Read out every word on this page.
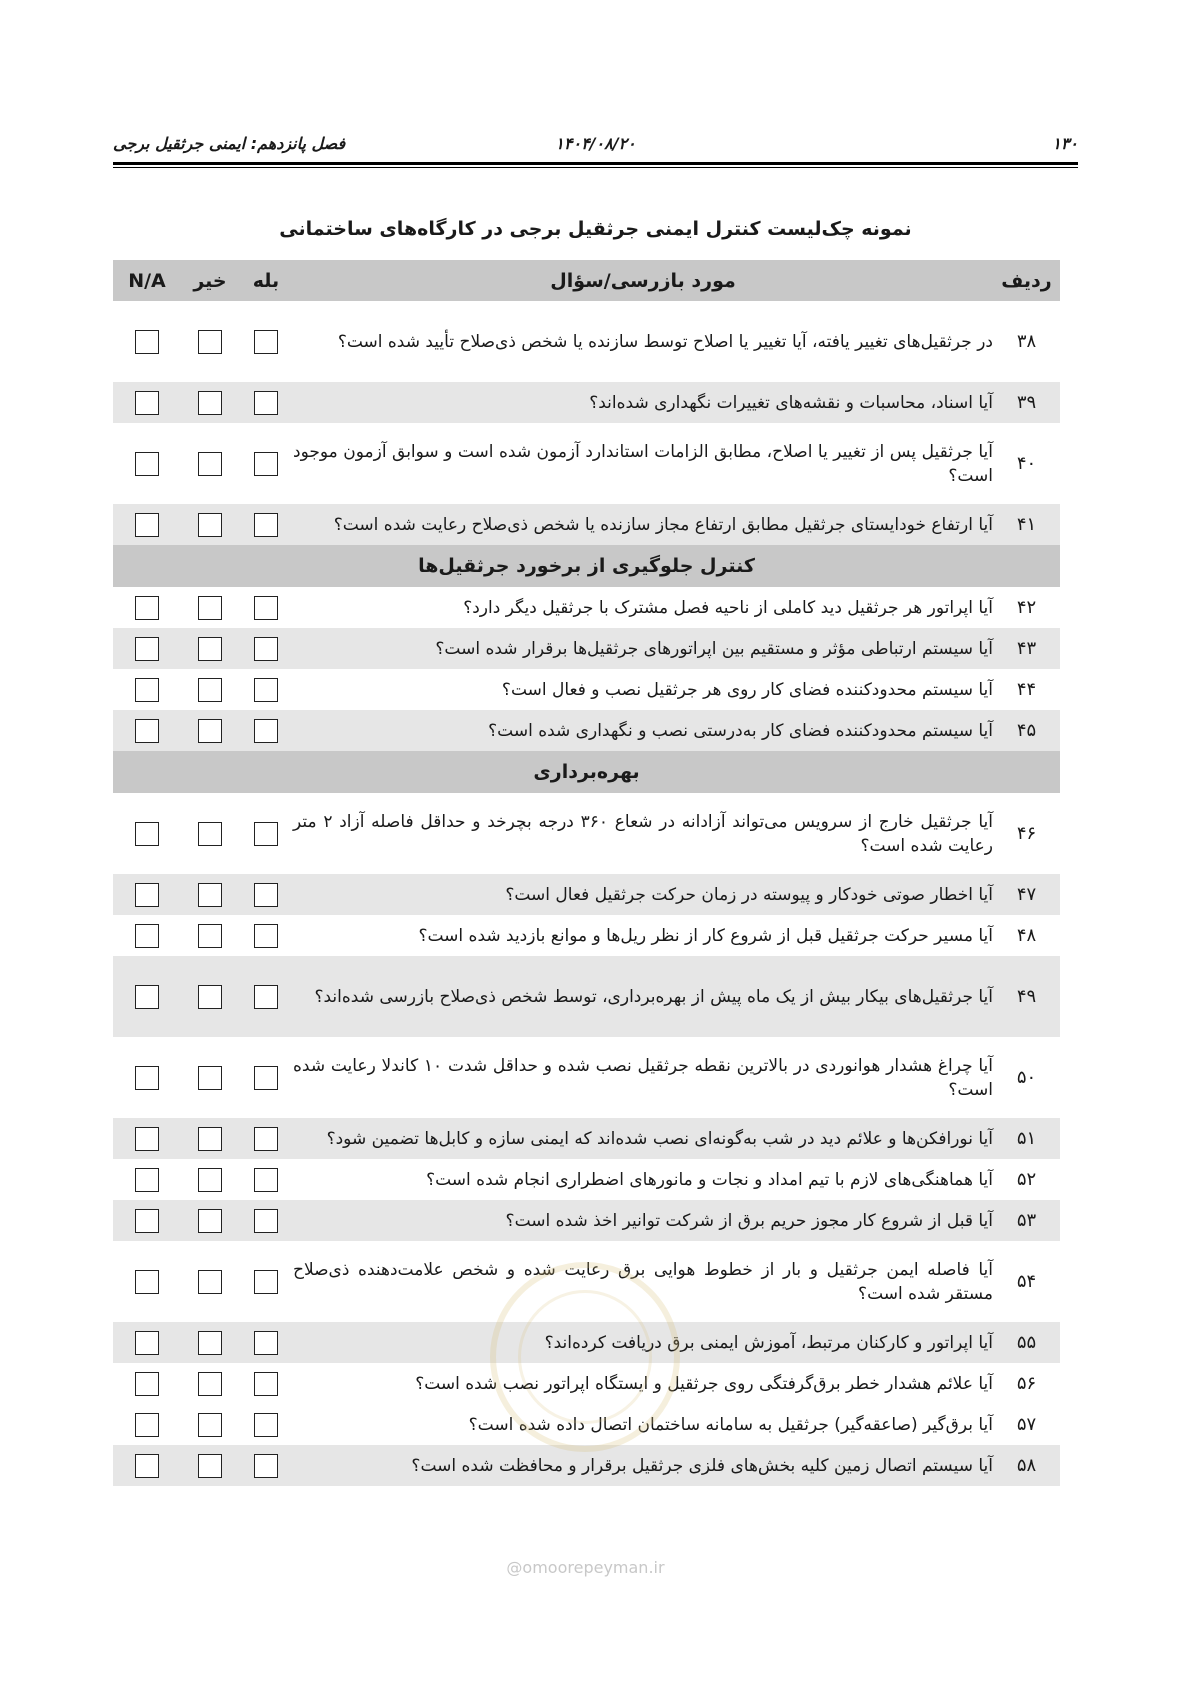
۱۳۰
۱۴۰۴/۰۸/۲۰
فصل پانزدهم: ایمنی جرثقیل برجی
نمونه چک‌لیست کنترل ایمنی جرثقیل برجی در کارگاه‌های ساختمانی
ردیف	مورد بازرسی/سؤال	بله	خیر	N/A
۳۸	در جرثقیل‌های تغییر یافته، آیا تغییر یا اصلاح توسط سازنده یا شخص ذی‌صلاح تأیید شده است؟			
۳۹	آیا اسناد، محاسبات و نقشه‌های تغییرات نگهداری شده‌اند؟			
۴۰	آیا جرثقیل پس از تغییر یا اصلاح، مطابق الزامات استاندارد آزمون شده است و سوابق آزمون موجود است؟			
۴۱	آیا ارتفاع خودایستای جرثقیل مطابق ارتفاع مجاز سازنده یا شخص ذی‌صلاح رعایت شده است؟			
کنترل جلوگیری از برخورد جرثقیل‌ها				
۴۲	آیا اپراتور هر جرثقیل دید کاملی از ناحیه فصل مشترک با جرثقیل دیگر دارد؟			
۴۳	آیا سیستم ارتباطی مؤثر و مستقیم بین اپراتورهای جرثقیل‌ها برقرار شده است؟			
۴۴	آیا سیستم محدودکننده فضای کار روی هر جرثقیل نصب و فعال است؟			
۴۵	آیا سیستم محدودکننده فضای کار به‌درستی نصب و نگهداری شده است؟			
بهره‌برداری				
۴۶	آیا جرثقیل خارج از سرویس می‌تواند آزادانه در شعاع ۳۶۰ درجه بچرخد و حداقل فاصله آزاد ۲ متر رعایت شده است؟			
۴۷	آیا اخطار صوتی خودکار و پیوسته در زمان حرکت جرثقیل فعال است؟			
۴۸	آیا مسیر حرکت جرثقیل قبل از شروع کار از نظر ریل‌ها و موانع بازدید شده است؟			
۴۹	آیا جرثقیل‌های بیکار بیش از یک ماه پیش از بهره‌برداری، توسط شخص ذی‌صلاح بازرسی شده‌اند؟			
۵۰	آیا چراغ هشدار هوانوردی در بالاترین نقطه جرثقیل نصب شده و حداقل شدت ۱۰ کاندلا رعایت شده است؟			
۵۱	آیا نورافکن‌ها و علائم دید در شب به‌گونه‌ای نصب شده‌اند که ایمنی سازه و کابل‌ها تضمین شود؟			
۵۲	آیا هماهنگی‌های لازم با تیم امداد و نجات و مانورهای اضطراری انجام شده است؟			
۵۳	آیا قبل از شروع کار مجوز حریم برق از شرکت توانیر اخذ شده است؟			
۵۴	آیا فاصله ایمن جرثقیل و بار از خطوط هوایی برق رعایت شده و شخص علامت‌دهنده ذی‌صلاح مستقر شده است؟			
۵۵	آیا اپراتور و کارکنان مرتبط، آموزش ایمنی برق دریافت کرده‌اند؟			
۵۶	آیا علائم هشدار خطر برق‌گرفتگی روی جرثقیل و ایستگاه اپراتور نصب شده است؟			
۵۷	آیا برق‌گیر (صاعقه‌گیر) جرثقیل به سامانه ساختمان اتصال داده شده است؟			
۵۸	آیا سیستم اتصال زمین کلیه بخش‌های فلزی جرثقیل برقرار و محافظت شده است؟			
@omoorepeyman.ir
